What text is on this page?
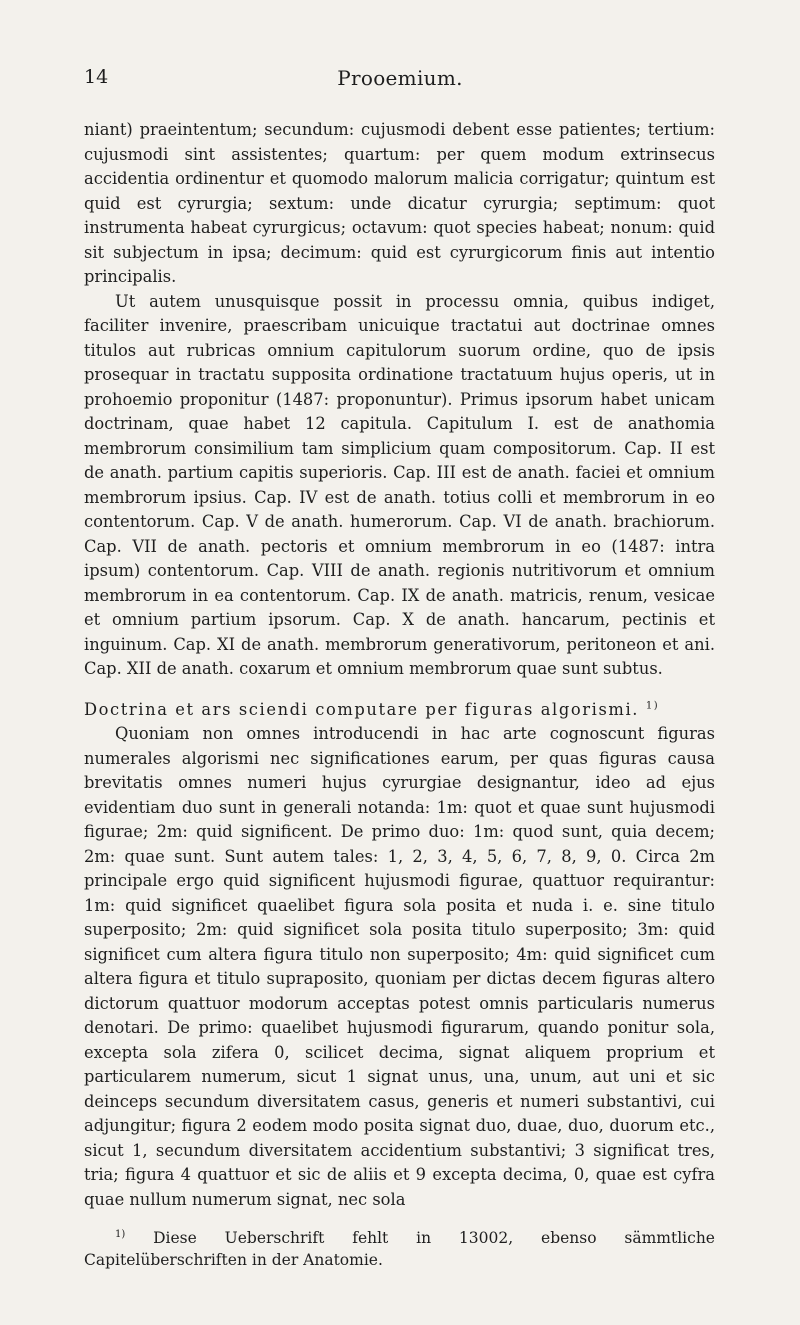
14	Prooemium.

niant) praeintentum; secundum: cujusmodi debent esse patientes; tertium: cujusmodi sint assistentes; quartum: per quem modum extrinsecus accidentia ordinentur et quomodo malorum malicia corrigatur; quintum est quid est cyrurgia; sextum: unde dicatur cyrurgia; septimum: quot instrumenta habeat cyrurgicus; octavum: quot species habeat; nonum: quid sit subjectum in ipsa; decimum: quid est cyrurgicorum finis aut intentio principalis.

Ut autem unusquisque possit in processu omnia, quibus indiget, faciliter invenire, praescribam unicuique tractatui aut doctrinae omnes titulos aut rubricas omnium capitulorum suorum ordine, quo de ipsis prosequar in tractatu supposita ordinatione tractatuum hujus operis, ut in prohoemio proponitur (1487: proponuntur). Primus ipsorum habet unicam doctrinam, quae habet 12 capitula. Capitulum I. est de anathomia membrorum consimilium tam simplicium quam compositorum. Cap. II est de anath. partium capitis superioris. Cap. III est de anath. faciei et omnium membrorum ipsius. Cap. IV est de anath. totius colli et membrorum in eo contentorum. Cap. V de anath. humerorum. Cap. VI de anath. brachiorum. Cap. VII de anath. pectoris et omnium membrorum in eo (1487: intra ipsum) contentorum. Cap. VIII de anath. regionis nutritivorum et omnium membrorum in ea contentorum. Cap. IX de anath. matricis, renum, vesicae et omnium partium ipsorum. Cap. X de anath. hancarum, pectinis et inguinum. Cap. XI de anath. membrorum generativorum, peritoneon et ani. Cap. XII de anath. coxarum et omnium membrorum quae sunt subtus.

Doctrina et ars sciendi computare per figuras algorismi. $^{1)}$

Quoniam non omnes introducendi in hac arte cognoscunt figuras numerales algorismi nec significationes earum, per quas figuras causa brevitatis omnes numeri hujus cyrurgiae designantur, ideo ad ejus evidentiam duo sunt in generali notanda: 1m: quot et quae sunt hujusmodi figurae; 2m: quid significent. De primo duo: 1m: quod sunt, quia decem; 2m: quae sunt. Sunt autem tales: 1, 2, 3, 4, 5, 6, 7, 8, 9, 0. Circa 2m principale ergo quid significent hujusmodi figurae, quattuor requirantur: 1m: quid significet quaelibet figura sola posita et nuda i. e. sine titulo superposito; 2m: quid significet sola posita titulo superposito; 3m: quid significet cum altera figura titulo non superposito; 4m: quid significet cum altera figura et titulo supraposito, quoniam per dictas decem figuras altero dictorum quattuor modorum acceptas potest omnis particularis numerus denotari. De primo: quaelibet hujusmodi figurarum, quando ponitur sola, excepta sola zifera 0, scilicet decima, signat aliquem proprium et particularem numerum, sicut 1 signat unus, una, unum, aut uni et sic deinceps secundum diversitatem casus, generis et numeri substantivi, cui adjungitur; figura 2 eodem modo posita signat duo, duae, duo, duorum etc., sicut 1, secundum diversitatem accidentium substantivi; 3 significat tres, tria; figura 4 quattuor et sic de aliis et 9 excepta decima, 0, quae est cyfra quae nullum numerum signat, nec sola

$^{1)}$ Diese Ueberschrift fehlt in 13002, ebenso sämmtliche Capitelüberschriften in der Anatomie.
